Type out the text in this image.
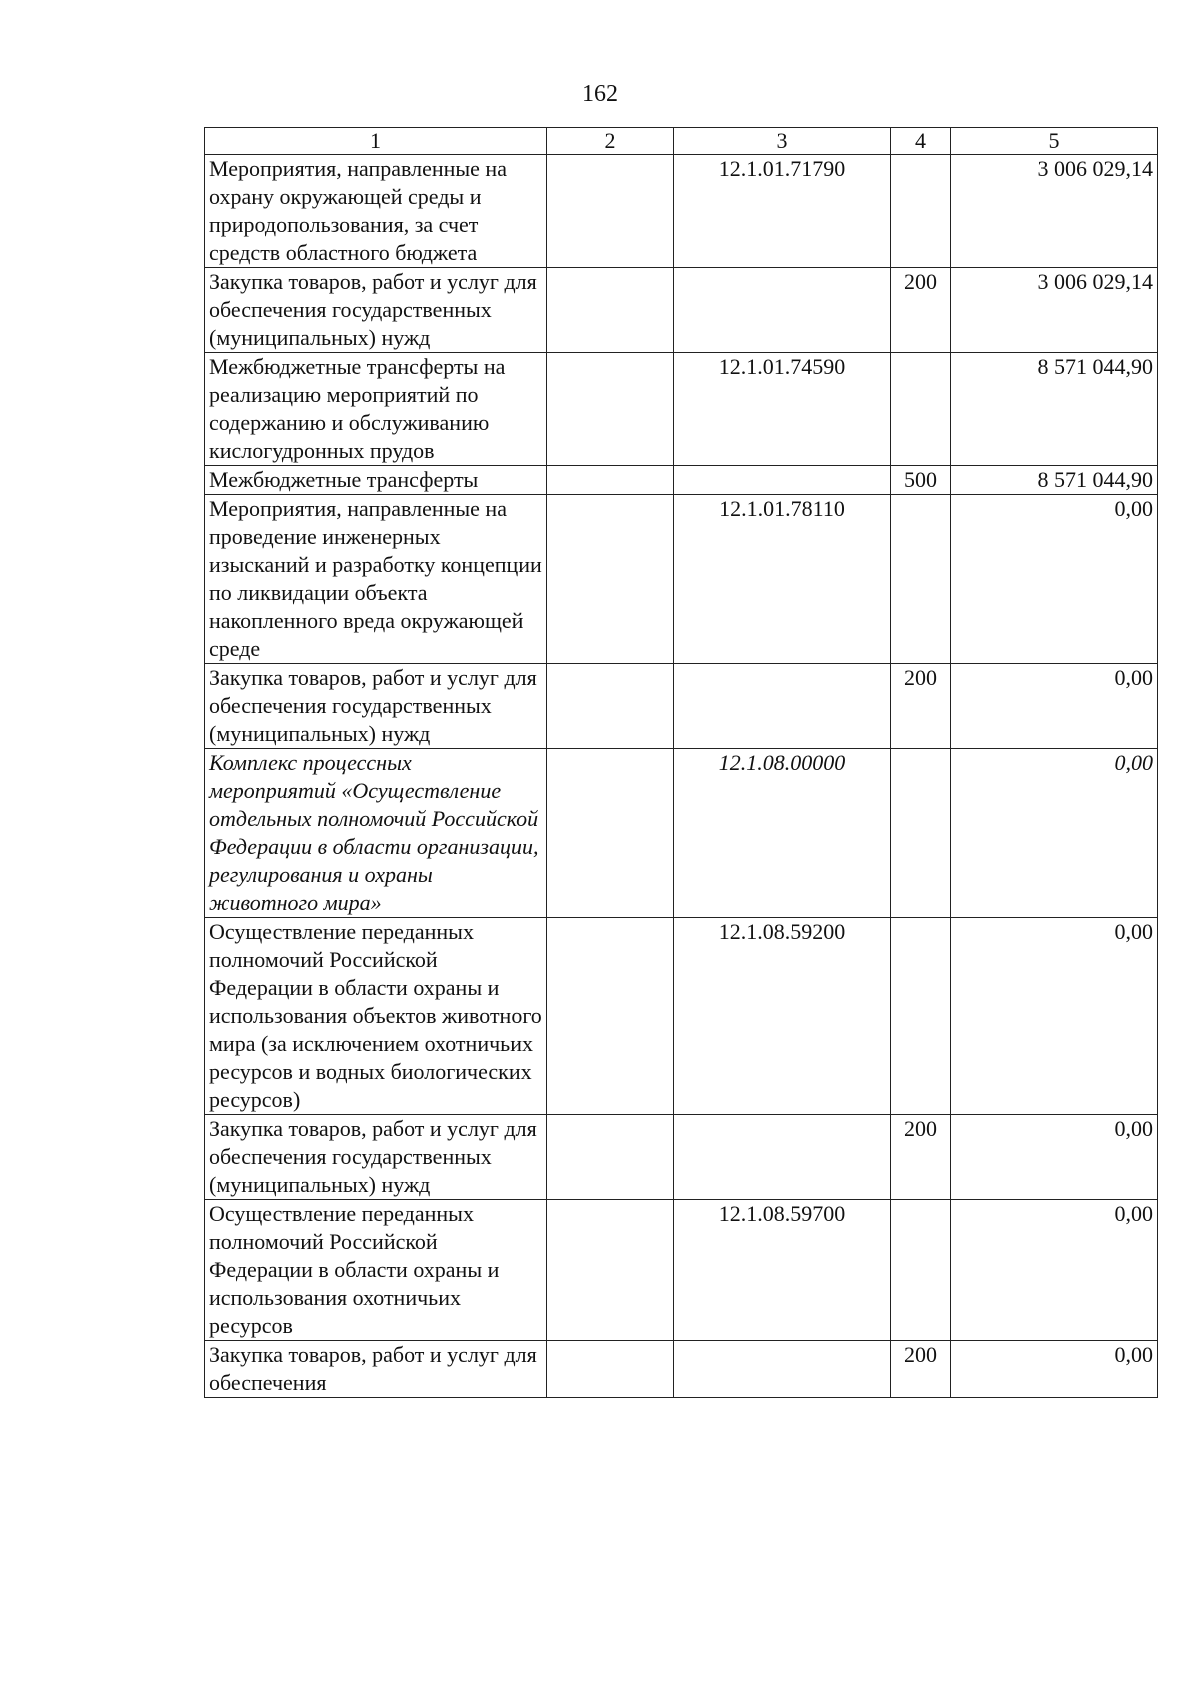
162
1	2	3	4	5
Мероприятия, направленные на охрану окружающей среды и природопользования, за счет средств областного бюджета		12.1.01.71790		3 006 029,14
Закупка товаров, работ и услуг для обеспечения государственных (муниципальных) нужд			200	3 006 029,14
Межбюджетные трансферты на реализацию мероприятий по содержанию и обслуживанию кислогудронных прудов		12.1.01.74590		8 571 044,90
Межбюджетные трансферты			500	8 571 044,90
Мероприятия, направленные на проведение инженерных изысканий и разработку концепции по ликвидации объекта накопленного вреда окружающей среде		12.1.01.78110		0,00
Закупка товаров, работ и услуг для обеспечения государственных (муниципальных) нужд			200	0,00
Комплекс процессных мероприятий «Осуществление отдельных полномочий Российской Федерации в области организации, регулирования и охраны животного мира»		12.1.08.00000		0,00
Осуществление переданных полномочий Российской Федерации в области охраны и использования объектов животного мира (за исключением охотничьих ресурсов и водных биологических ресурсов)		12.1.08.59200		0,00
Закупка товаров, работ и услуг для обеспечения государственных (муниципальных) нужд			200	0,00
Осуществление переданных полномочий Российской Федерации в области охраны и использования охотничьих ресурсов		12.1.08.59700		0,00
Закупка товаров, работ и услуг для обеспечения			200	0,00
